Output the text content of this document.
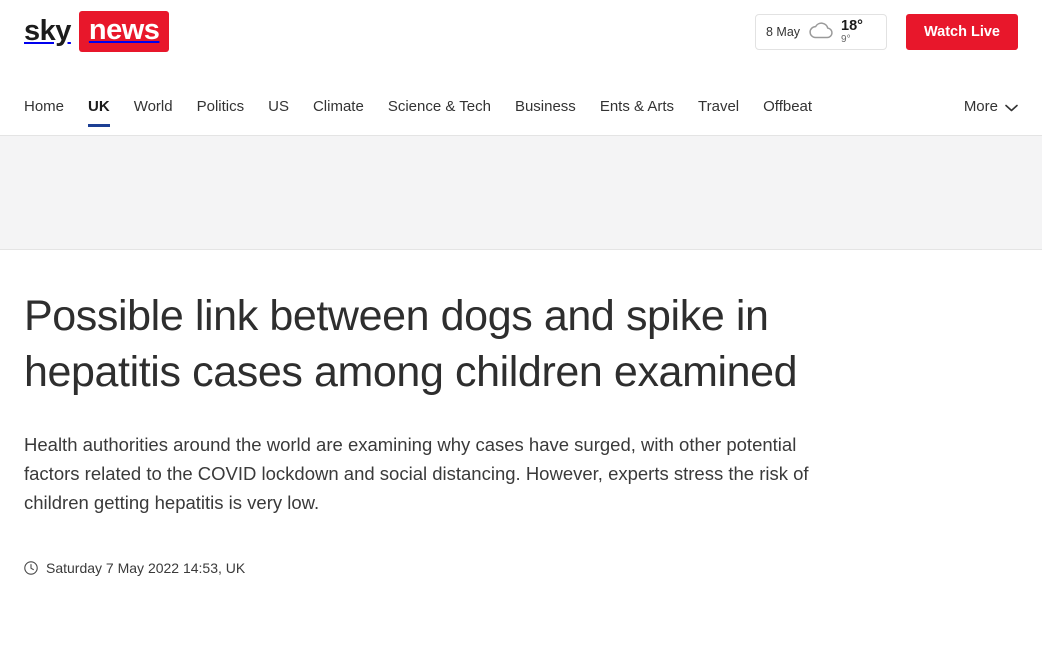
sky news	8 May	18°
9°	Watch Live
Home UK World Politics US Climate Science & Tech Business Ents & Arts Travel Offbeat	More
Possible link between dogs and spike in hepatitis cases among children examined

Health authorities around the world are examining why cases have surged, with other potential factors related to the COVID lockdown and social distancing. However, experts stress the risk of children getting hepatitis is very low.

Saturday 7 May 2022 14:53, UK
